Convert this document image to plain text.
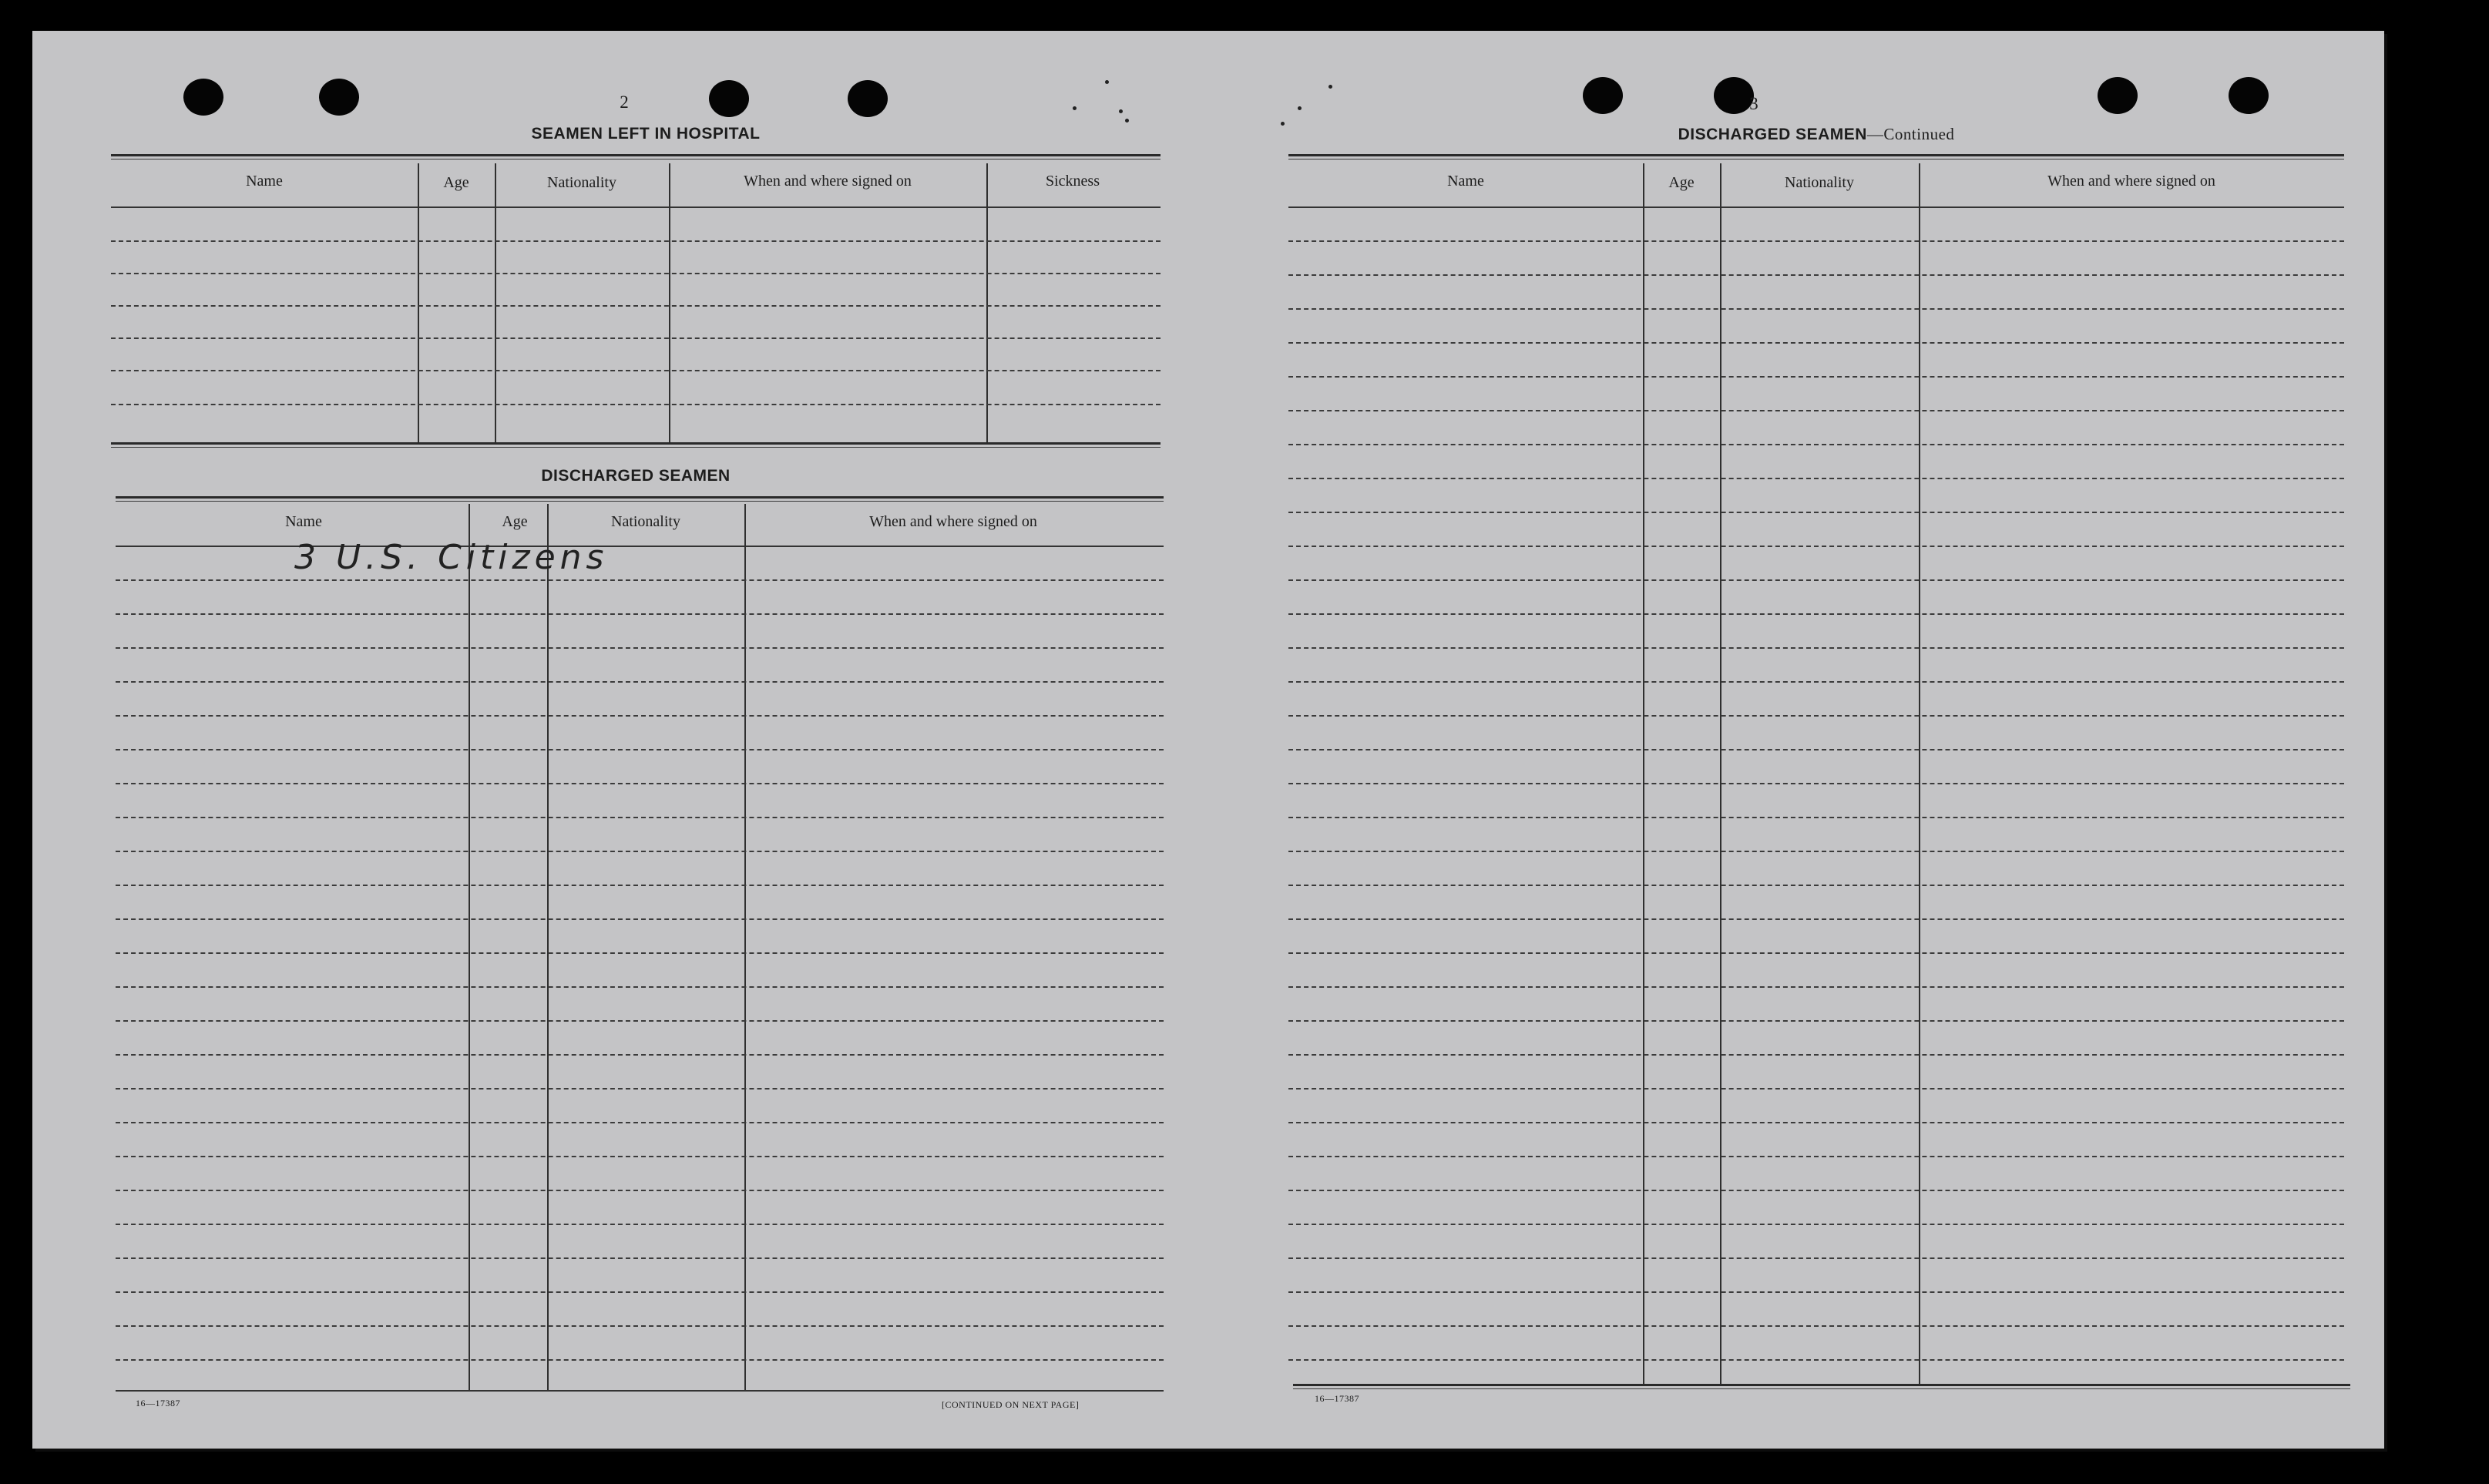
2
SEAMEN LEFT IN HOSPITAL
Name	Age	Nationality	When and where signed on	Sickness
DISCHARGED SEAMEN
Name	Age	Nationality	When and where signed on
3 U.S. Citizens
16—17387	[CONTINUED ON NEXT PAGE]
3
DISCHARGED SEAMEN—Continued
Name	Age	Nationality	When and where signed on
16—17387
